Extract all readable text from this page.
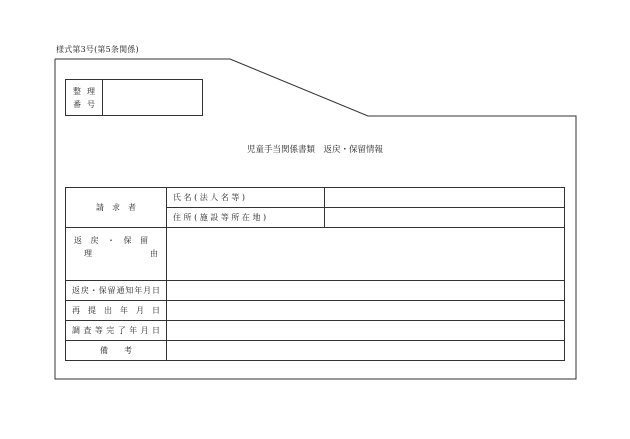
様式第3号(第5条関係)
整理
番号
児童手当関係書類　返戻・保留情報
請　求　者	氏 名 ( 法 人 名 等 )	
	住 所 ( 施 設 等 所 在 地 )	

返戻・保留
理 由		

返戻・保留通知年月日		
再提出年月日		
調査等完了年月日		
備　　考		
